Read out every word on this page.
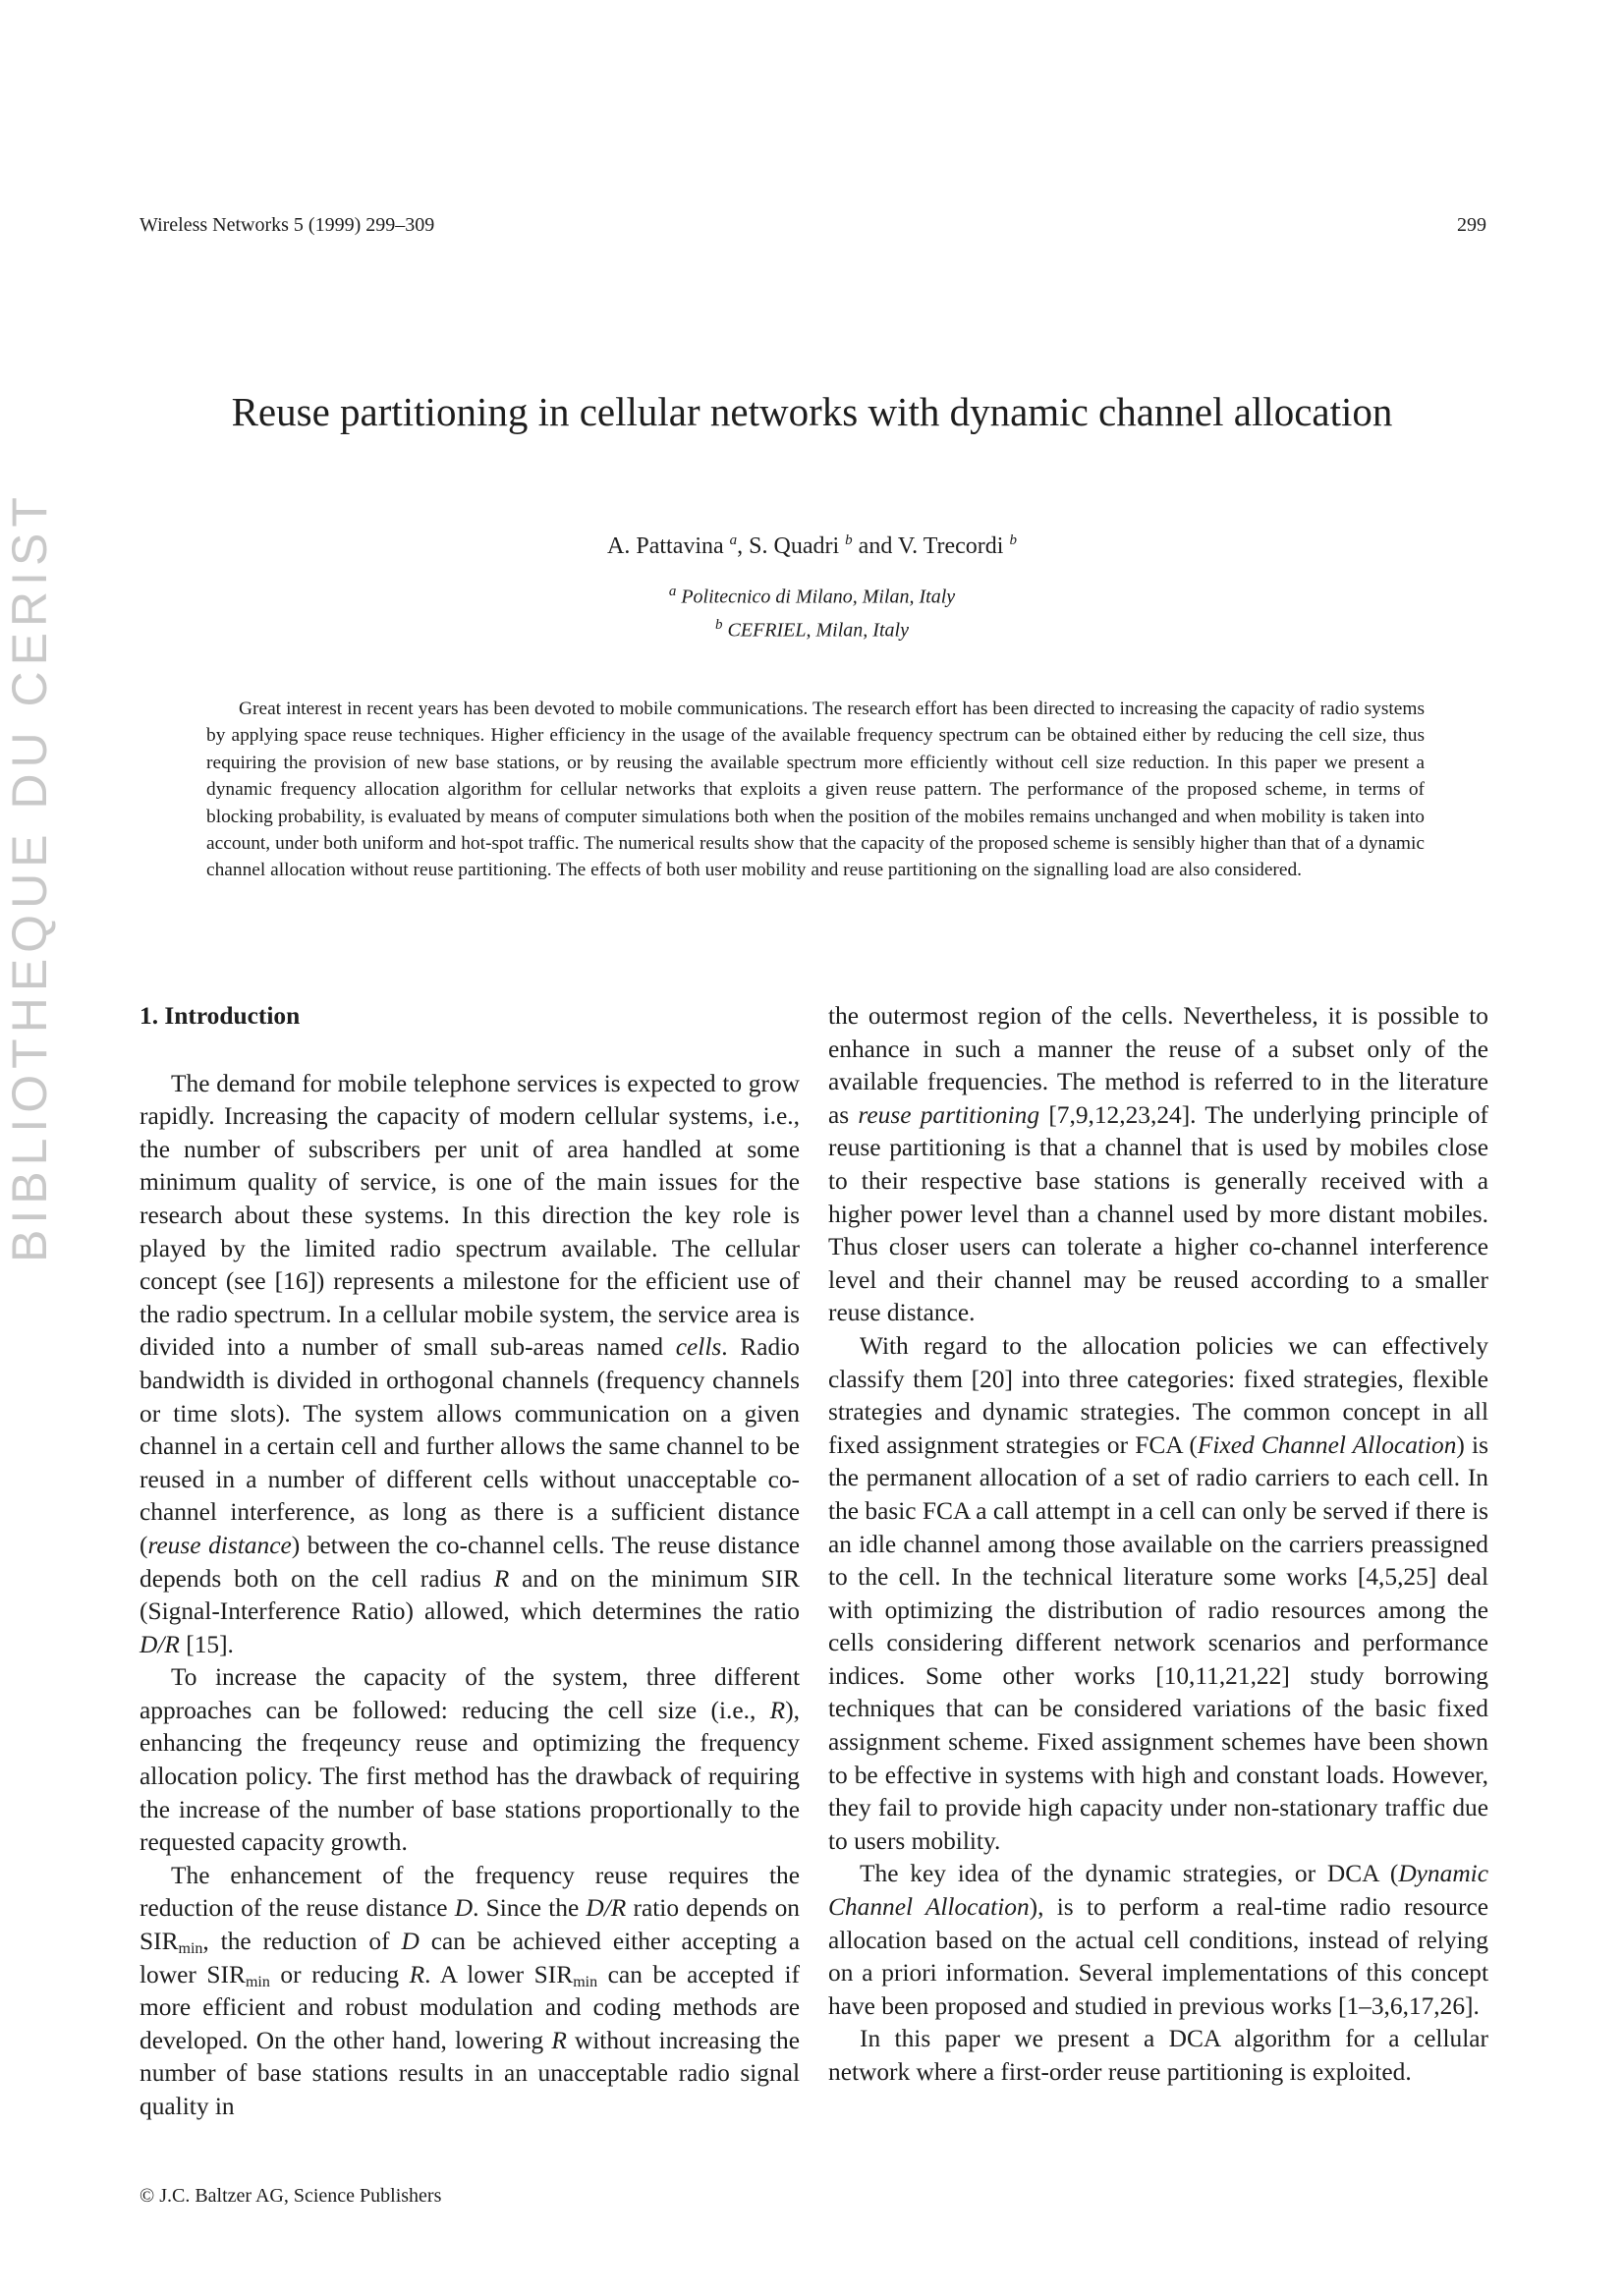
Wireless Networks 5 (1999) 299–309	299
Reuse partitioning in cellular networks with dynamic channel allocation
A. Pattavina $^a$, S. Quadri $^b$ and V. Trecordi $^b$
$^a$ Politecnico di Milano, Milan, Italy
$^b$ CEFRIEL, Milan, Italy

Great interest in recent years has been devoted to mobile communications. The research effort has been directed to increasing the capacity of radio systems by applying space reuse techniques. Higher efficiency in the usage of the available frequency spectrum can be obtained either by reducing the cell size, thus requiring the provision of new base stations, or by reusing the available spectrum more efficiently without cell size reduction. In this paper we present a dynamic frequency allocation algorithm for cellular networks that exploits a given reuse pattern. The performance of the proposed scheme, in terms of blocking probability, is evaluated by means of computer simulations both when the position of the mobiles remains unchanged and when mobility is taken into account, under both uniform and hot-spot traffic. The numerical results show that the capacity of the proposed scheme is sensibly higher than that of a dynamic channel allocation without reuse partitioning. The effects of both user mobility and reuse partitioning on the signalling load are also considered.

BIBLIOTHEQUE DU CERIST	1. Introduction

The demand for mobile telephone services is expected to grow rapidly. Increasing the capacity of modern cellular systems, i.e., the number of subscribers per unit of area handled at some minimum quality of service, is one of the main issues for the research about these systems. In this direction the key role is played by the limited radio spectrum available. The cellular concept (see [16]) represents a milestone for the efficient use of the radio spectrum. In a cellular mobile system, the service area is divided into a number of small sub-areas named cells. Radio bandwidth is divided in orthogonal channels (frequency channels or time slots). The system allows communication on a given channel in a certain cell and further allows the same channel to be reused in a number of different cells without unacceptable co-channel interference, as long as there is a sufficient distance (reuse distance) between the co-channel cells. The reuse distance depends both on the cell radius R and on the minimum SIR (Signal-Interference Ratio) allowed, which determines the ratio D/R [15].

To increase the capacity of the system, three different approaches can be followed: reducing the cell size (i.e., R), enhancing the freqeuncy reuse and optimizing the frequency allocation policy. The first method has the drawback of requiring the increase of the number of base stations proportionally to the requested capacity growth.

The enhancement of the frequency reuse requires the reduction of the reuse distance D. Since the D/R ratio depends on $SIR_{min}$, the reduction of D can be achieved either accepting a lower $SIR_{min}$ or reducing R. A lower $SIR_{min}$ can be accepted if more efficient and robust modulation and coding methods are developed. On the other hand, lowering R without increasing the number of base stations results in an unacceptable radio signal quality in

the outermost region of the cells. Nevertheless, it is possible to enhance in such a manner the reuse of a subset only of the available frequencies. The method is referred to in the literature as reuse partitioning [7,9,12,23,24]. The underlying principle of reuse partitioning is that a channel that is used by mobiles close to their respective base stations is generally received with a higher power level than a channel used by more distant mobiles. Thus closer users can tolerate a higher co-channel interference level and their channel may be reused according to a smaller reuse distance.

With regard to the allocation policies we can effectively classify them [20] into three categories: fixed strategies, flexible strategies and dynamic strategies. The common concept in all fixed assignment strategies or FCA (Fixed Channel Allocation) is the permanent allocation of a set of radio carriers to each cell. In the basic FCA a call attempt in a cell can only be served if there is an idle channel among those available on the carriers preassigned to the cell. In the technical literature some works [4,5,25] deal with optimizing the distribution of radio resources among the cells considering different network scenarios and performance indices. Some other works [10,11,21,22] study borrowing techniques that can be considered variations of the basic fixed assignment scheme. Fixed assignment schemes have been shown to be effective in systems with high and constant loads. However, they fail to provide high capacity under non-stationary traffic due to users mobility.

The key idea of the dynamic strategies, or DCA (Dynamic Channel Allocation), is to perform a real-time radio resource allocation based on the actual cell conditions, instead of relying on a priori information. Several implementations of this concept have been proposed and studied in previous works [1–3,6,17,26].

In this paper we present a DCA algorithm for a cellular network where a first-order reuse partitioning is exploited.

© J.C. Baltzer AG, Science Publishers
